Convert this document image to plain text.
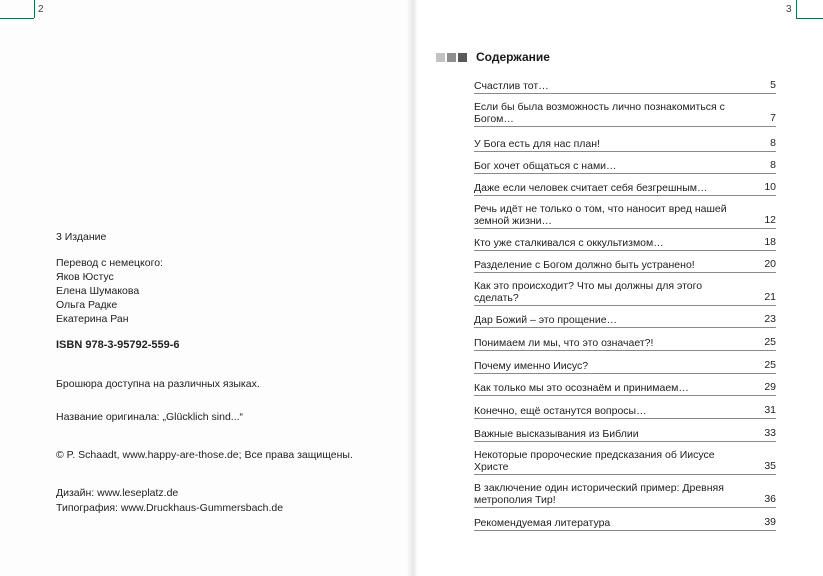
2	3
3 Издание
Перевод с немецкого:
Яков Юстус
Елена Шумакова
Ольга Радке
Екатерина Ран
ISBN 978-3-95792-559-6
Брошюра доступна на различных языках.
Название оригинала: „Glücklich sind...“
© P. Schaadt, www.happy-are-those.de; Все права защищены.
Дизайн: www.leseplatz.de
Типография: www.Druckhaus-Gummersbach.de
Содержание
Счастлив тот…	5
Если бы была возможность лично познакомиться с Богом…	7
У Бога есть для нас план!	8
Бог хочет общаться с нами…	8
Даже если человек считает себя безгрешным…	10
Речь идёт не только о том, что наносит вред нашей земной жизни…	12
Кто уже сталкивался с оккультизмом…	18
Разделение с Богом должно быть устранено!	20
Как это происходит? Что мы должны для этого сделать?	21
Дар Божий – это прощение…	23
Понимаем ли мы, что это означает?!	25
Почему именно Иисус?	25
Как только мы это осознаём и принимаем…	29
Конечно, ещё останутся вопросы…	31
Важные высказывания из Библии	33
Некоторые пророческие предсказания об Иисусе Христе	35
В заключение один исторический пример: Древняя метрополия Тир!	36
Рекомендуемая литература	39
